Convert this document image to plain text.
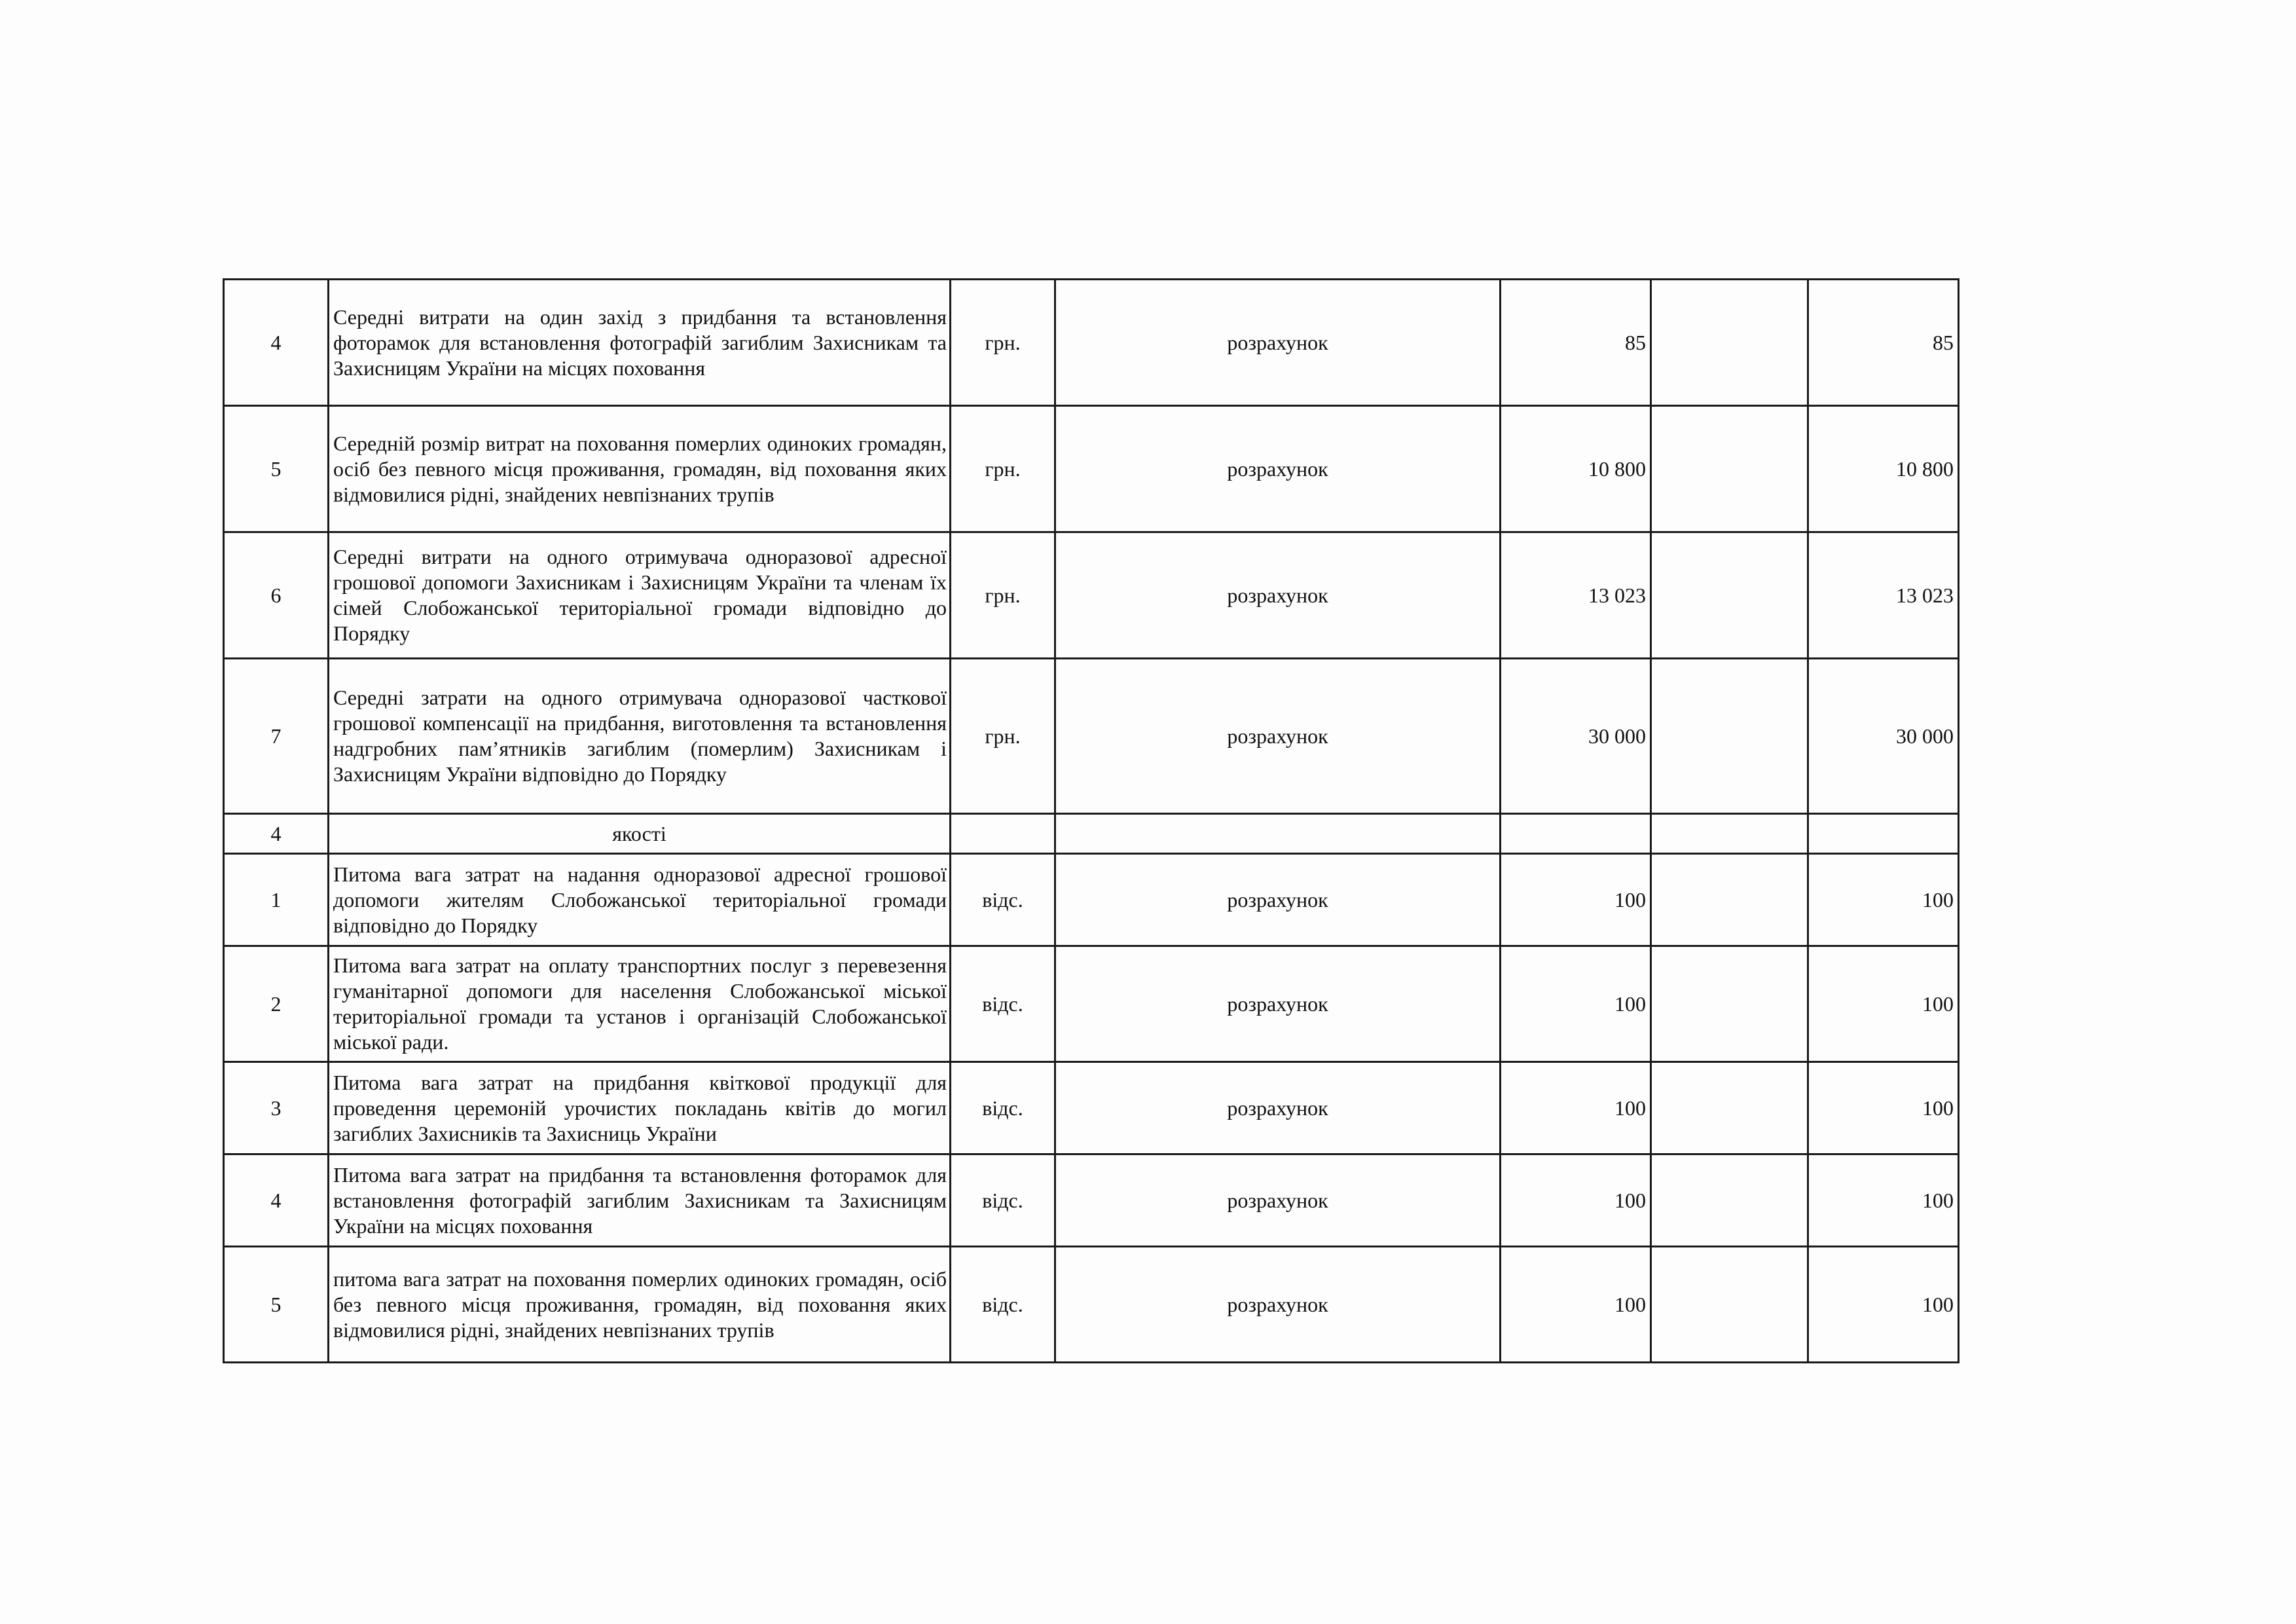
4	Середні витрати на один захід з придбання та встановлення фоторамок для встановлення фотографій загиблим Захисникам та Захисницям України на місцях поховання	грн.	розрахунок	85		85
5	Середній розмір витрат на поховання померлих одиноких громадян, осіб без певного місця проживання, громадян, від поховання яких відмовилися рідні, знайдених невпізнаних трупів	грн.	розрахунок	10 800		10 800
6	Середні витрати на одного отримувача одноразової адресної грошової допомоги Захисникам і Захисницям України та членам їх сімей Слобожанської територіальної громади відповідно до Порядку	грн.	розрахунок	13 023		13 023
7	Середні затрати на одного отримувача одноразової часткової грошової компенсації на придбання, виготовлення та встановлення надгробних пам’ятників загиблим (померлим) Захисникам і Захисницям України відповідно до Порядку	грн.	розрахунок	30 000		30 000
4	якості					
1	Питома вага затрат на надання одноразової адресної грошової допомоги жителям Слобожанської територіальної громади відповідно до Порядку	відс.	розрахунок	100		100
2	Питома вага затрат на оплату транспортних послуг з перевезення гуманітарної допомоги для населення Слобожанської міської територіальної громади та установ і організацій Слобожанської міської ради.	відс.	розрахунок	100		100
3	Питома вага затрат на придбання квіткової продукції для проведення церемоній урочистих покладань квітів до могил загиблих Захисників та Захисниць України	відс.	розрахунок	100		100
4	Питома вага затрат на придбання та встановлення фоторамок для встановлення фотографій загиблим Захисникам та Захисницям України на місцях поховання	відс.	розрахунок	100		100
5	питома вага затрат на поховання померлих одиноких громадян, осіб без певного місця проживання, громадян, від поховання яких відмовилися рідні, знайдених невпізнаних трупів	відс.	розрахунок	100		100
